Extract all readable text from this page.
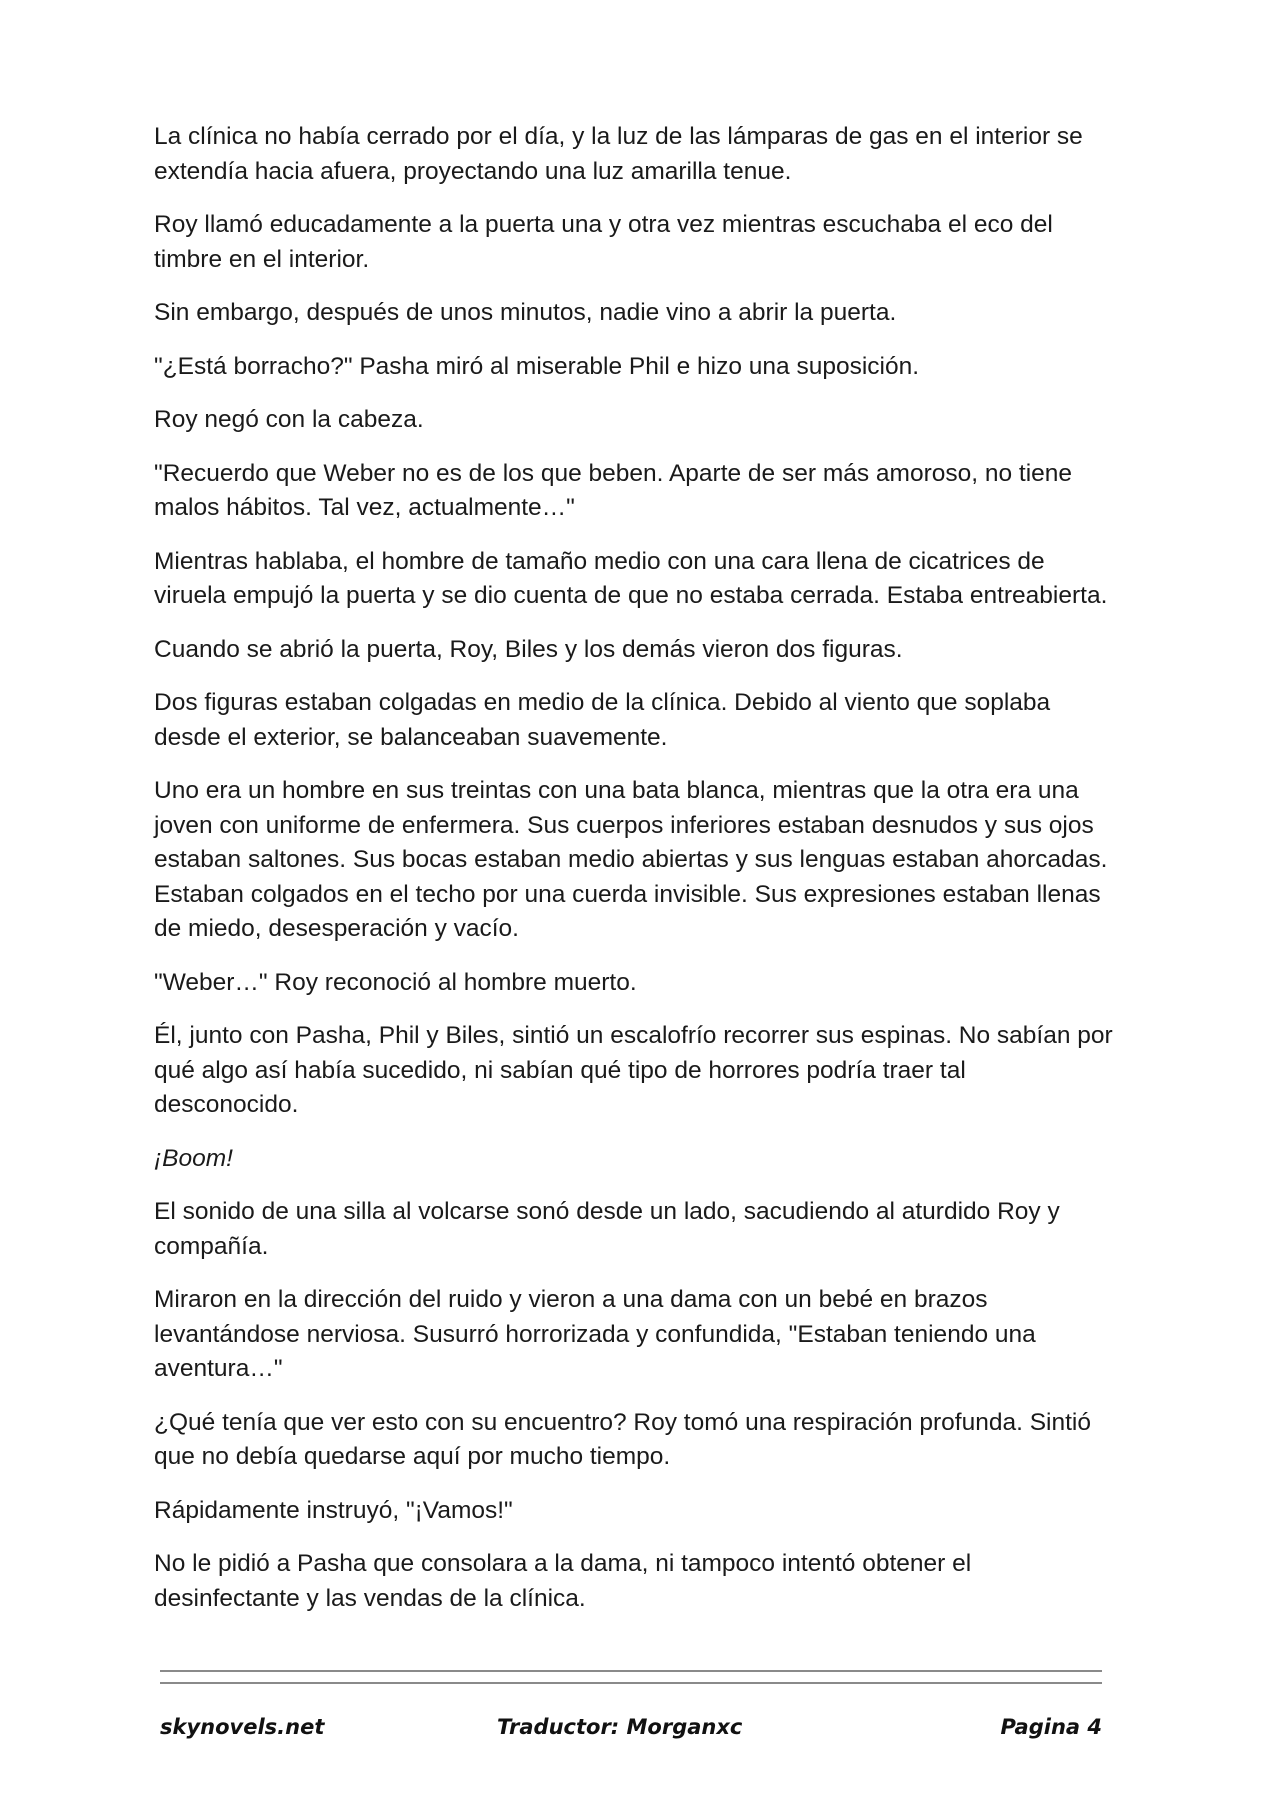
La clínica no había cerrado por el día, y la luz de las lámparas de gas en el interior se extendía hacia afuera, proyectando una luz amarilla tenue.

Roy llamó educadamente a la puerta una y otra vez mientras escuchaba el eco del timbre en el interior.

Sin embargo, después de unos minutos, nadie vino a abrir la puerta.

"¿Está borracho?" Pasha miró al miserable Phil e hizo una suposición.

Roy negó con la cabeza.

"Recuerdo que Weber no es de los que beben. Aparte de ser más amoroso, no tiene malos hábitos. Tal vez, actualmente…"

Mientras hablaba, el hombre de tamaño medio con una cara llena de cicatrices de viruela empujó la puerta y se dio cuenta de que no estaba cerrada. Estaba entreabierta.

Cuando se abrió la puerta, Roy, Biles y los demás vieron dos figuras.

Dos figuras estaban colgadas en medio de la clínica. Debido al viento que soplaba desde el exterior, se balanceaban suavemente.

Uno era un hombre en sus treintas con una bata blanca, mientras que la otra era una joven con uniforme de enfermera. Sus cuerpos inferiores estaban desnudos y sus ojos estaban saltones. Sus bocas estaban medio abiertas y sus lenguas estaban ahorcadas. Estaban colgados en el techo por una cuerda invisible. Sus expresiones estaban llenas de miedo, desesperación y vacío.

"Weber…" Roy reconoció al hombre muerto.

Él, junto con Pasha, Phil y Biles, sintió un escalofrío recorrer sus espinas. No sabían por qué algo así había sucedido, ni sabían qué tipo de horrores podría traer tal desconocido.

¡Boom!

El sonido de una silla al volcarse sonó desde un lado, sacudiendo al aturdido Roy y compañía.

Miraron en la dirección del ruido y vieron a una dama con un bebé en brazos levantándose nerviosa. Susurró horrorizada y confundida, "Estaban teniendo una aventura…"

¿Qué tenía que ver esto con su encuentro? Roy tomó una respiración profunda. Sintió que no debía quedarse aquí por mucho tiempo.

Rápidamente instruyó, "¡Vamos!"

No le pidió a Pasha que consolara a la dama, ni tampoco intentó obtener el desinfectante y las vendas de la clínica.

skynovels.net	Traductor: Morganxc	Pagina 4
